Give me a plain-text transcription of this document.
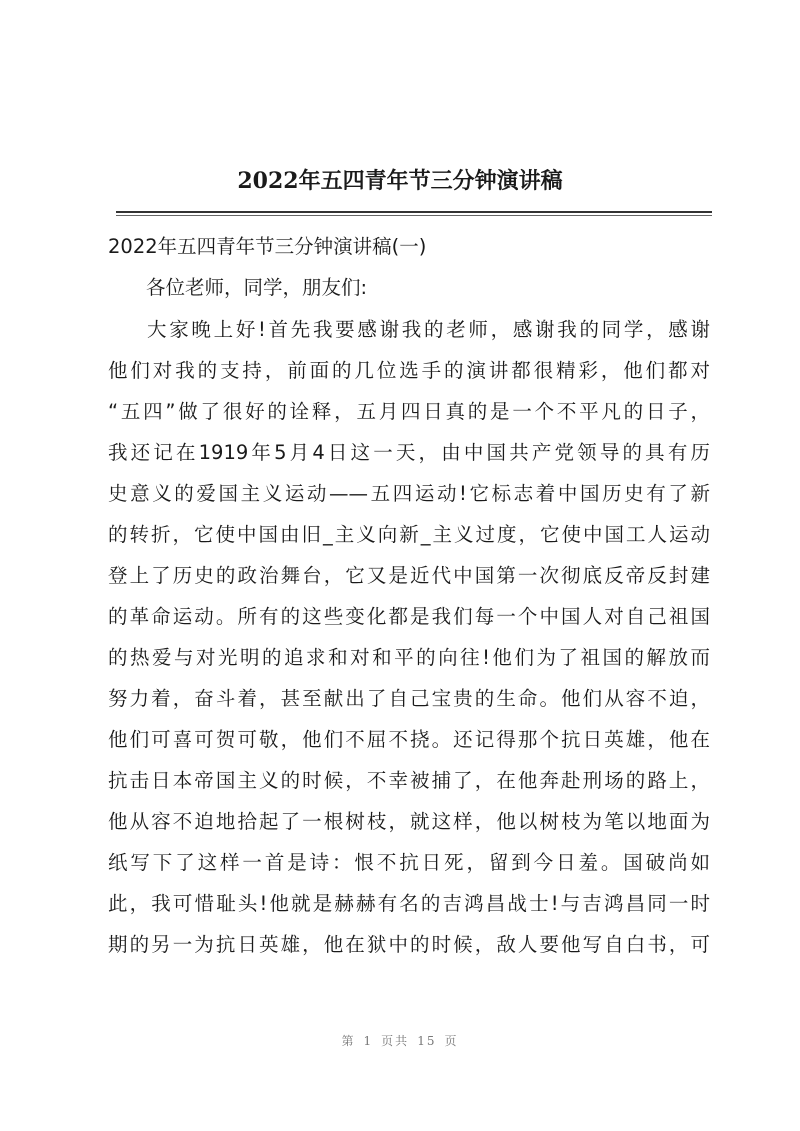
2022年五四青年节三分钟演讲稿
2022年五四青年节三分钟演讲稿(一)
各位老师，同学，朋友们:
大家晚上好!首先我要感谢我的老师，感谢我的同学，感谢
他们对我的支持，前面的几位选手的演讲都很精彩，他们都对
“五四”做了很好的诠释，五月四日真的是一个不平凡的日子，
我还记在1919年5月4日这一天，由中国共产党领导的具有历
史意义的爱国主义运动——五四运动!它标志着中国历史有了新
的转折，它使中国由旧_主义向新_主义过度，它使中国工人运动
登上了历史的政治舞台，它又是近代中国第一次彻底反帝反封建
的革命运动。所有的这些变化都是我们每一个中国人对自己祖国
的热爱与对光明的追求和对和平的向往!他们为了祖国的解放而
努力着，奋斗着，甚至献出了自己宝贵的生命。他们从容不迫，
他们可喜可贺可敬，他们不屈不挠。还记得那个抗日英雄，他在
抗击日本帝国主义的时候，不幸被捕了，在他奔赴刑场的路上，
他从容不迫地拾起了一根树枝，就这样，他以树枝为笔以地面为
纸写下了这样一首是诗：恨不抗日死，留到今日羞。国破尚如
此，我可惜耻头!他就是赫赫有名的吉鸿昌战士!与吉鸿昌同一时
期的另一为抗日英雄，他在狱中的时候，敌人要他写自白书，可
第 1 页共 15 页
